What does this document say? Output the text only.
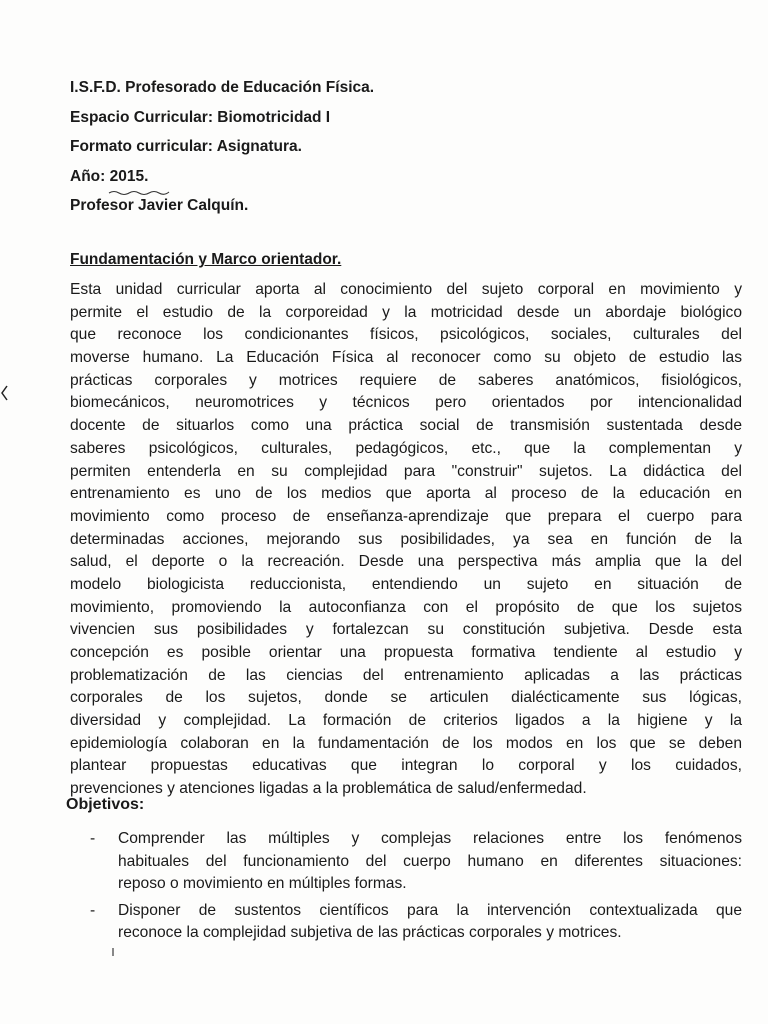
I.S.F.D. Profesorado de Educación Física.
Espacio Curricular: Biomotricidad I
Formato curricular: Asignatura.
Año: 2015.
Profesor Javier Calquín.
Fundamentación y Marco orientador.
Esta unidad curricular aporta al conocimiento del sujeto corporal en movimiento y
permite el estudio de la corporeidad y la motricidad desde un abordaje biológico
que reconoce los condicionantes físicos, psicológicos, sociales, culturales del
moverse humano. La Educación Física al reconocer como su objeto de estudio las
prácticas corporales y motrices requiere de saberes anatómicos, fisiológicos,
biomecánicos, neuromotrices y técnicos pero orientados por intencionalidad
docente de situarlos como una práctica social de transmisión sustentada desde
saberes psicológicos, culturales, pedagógicos, etc., que la complementan y
permiten entenderla en su complejidad para "construir" sujetos. La didáctica del
entrenamiento es uno de los medios que aporta al proceso de la educación en
movimiento como proceso de enseñanza-aprendizaje que prepara el cuerpo para
determinadas acciones, mejorando sus posibilidades, ya sea en función de la
salud, el deporte o la recreación. Desde una perspectiva más amplia que la del
modelo biologicista reduccionista, entendiendo un sujeto en situación de
movimiento, promoviendo la autoconfianza con el propósito de que los sujetos
vivencien sus posibilidades y fortalezcan su constitución subjetiva. Desde esta
concepción es posible orientar una propuesta formativa tendiente al estudio y
problematización de las ciencias del entrenamiento aplicadas a las prácticas
corporales de los sujetos, donde se articulen dialécticamente sus lógicas,
diversidad y complejidad. La formación de criterios ligados a la higiene y la
epidemiología colaboran en la fundamentación de los modos en los que se deben
plantear propuestas educativas que integran lo corporal y los cuidados,
prevenciones y atenciones ligadas a la problemática de salud/enfermedad.
Objetivos:
- Comprender las múltiples y complejas relaciones entre los fenómenos
habituales del funcionamiento del cuerpo humano en diferentes situaciones:
reposo o movimiento en múltiples formas.
- Disponer de sustentos científicos para la intervención contextualizada que
reconoce la complejidad subjetiva de las prácticas corporales y motrices.
